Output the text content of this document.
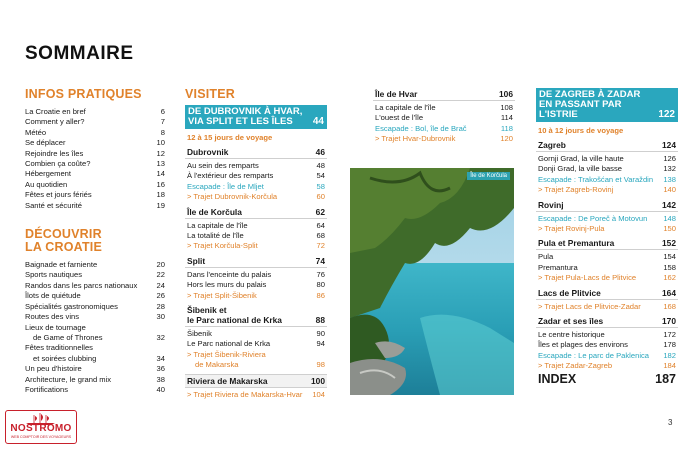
SOMMAIRE
INFOS PRATIQUES
La Croatie en bref	6
Comment y aller?	7
Météo	8
Se déplacer	10
Rejoindre les îles	12
Combien ça coûte?	13
Hébergement	14
Au quotidien	16
Fêtes et jours fériés	18
Santé et sécurité	19
DÉCOUVRIR
LA CROATIE
Baignade et farniente	20
Sports nautiques	22
Randos dans les parcs nationaux	24
Îlots de quiétude	26
Spécialités gastronomiques	28
Routes des vins	30
Lieux de tournage
de Game of Thrones	32
Fêtes traditionnelles
et soirées clubbing	34
Un peu d'histoire	36
Architecture, le grand mix	38
Fortifications	40
VISITER
DE DUBROVNIK À HVAR,
VIA SPLIT ET LES ÎLES	44
12 à 15 jours de voyage
Dubrovnik	46
Au sein des remparts	48
À l'extérieur des remparts	54
Escapade : Île de Mljet	58
> Trajet Dubrovnik-Korčula	60
Île de Korčula	62
La capitale de l'île	64
La totalité de l'île	68
> Trajet Korčula-Split	72
Split	74
Dans l'enceinte du palais	76
Hors les murs du palais	80
> Trajet Split-Šibenik	86
Šibenik et
le Parc national de Krka	88
Šibenik	90
Le Parc national de Krka	94
> Trajet Šibenik-Riviera
de Makarska	98
Riviera de Makarska	100
> Trajet Riviera de Makarska-Hvar 104
Île de Hvar	106
La capitale de l'île	108
L'ouest de l'île	114
Escapade : Bol, île de Brač	118
> Trajet Hvar-Dubrovnik	120
Île de Korčula
DE ZAGREB À ZADAR
EN PASSANT PAR L'ISTRIE	122
10 à 12 jours de voyage
Zagreb	124
Gornji Grad, la ville haute	126
Donji Grad, la ville basse	132
Escapade : Trakošćan et Varaždin 138
> Trajet Zagreb-Rovinj	140
Rovinj	142
Escapade : De Poreč à Motovun 148
> Trajet Rovinj-Pula	150
Pula et Premantura	152
Pula	154
Premantura	158
> Trajet Pula-Lacs de Plitvice	162
Lacs de Plitvice	164
> Trajet Lacs de Plitvice-Zadar	168
Zadar et ses îles	170
Le centre historique	172
Îles et plages des environs	178
Escapade : Le parc de Paklenica 182
> Trajet Zadar-Zagreb	184
INDEX	187
NOSTROMO
WEB COMPTOIR DES VOYAGEURS
3
